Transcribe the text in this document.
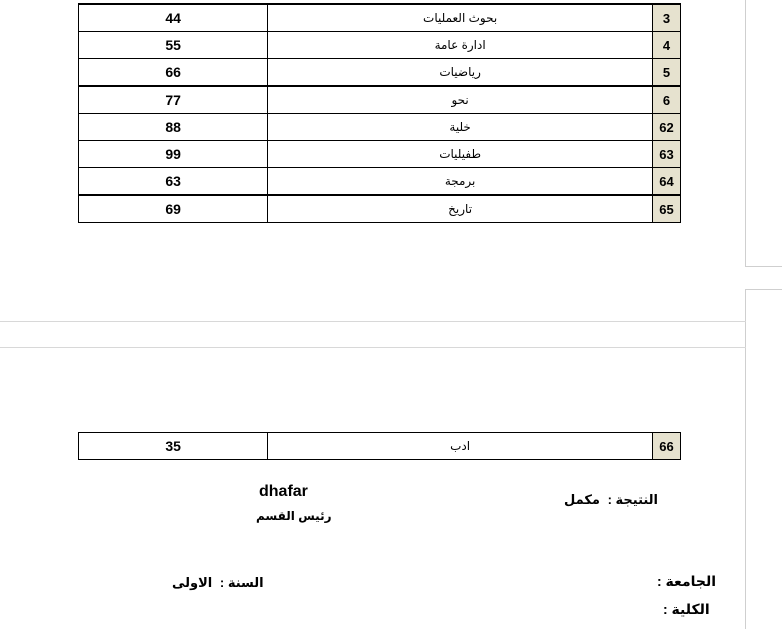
44	بحوث العمليات	3
55	ادارة عامة	4
66	رياضيات	5
77	نحو	6
88	خلية	62
99	طفيليات	63
63	برمجة	64
69	تاريخ	65
35	ادب	66
dhafar
رئيس القسم
النتيجة : مكمل
السنة : الاولى	الجامعة :
الكلية :
